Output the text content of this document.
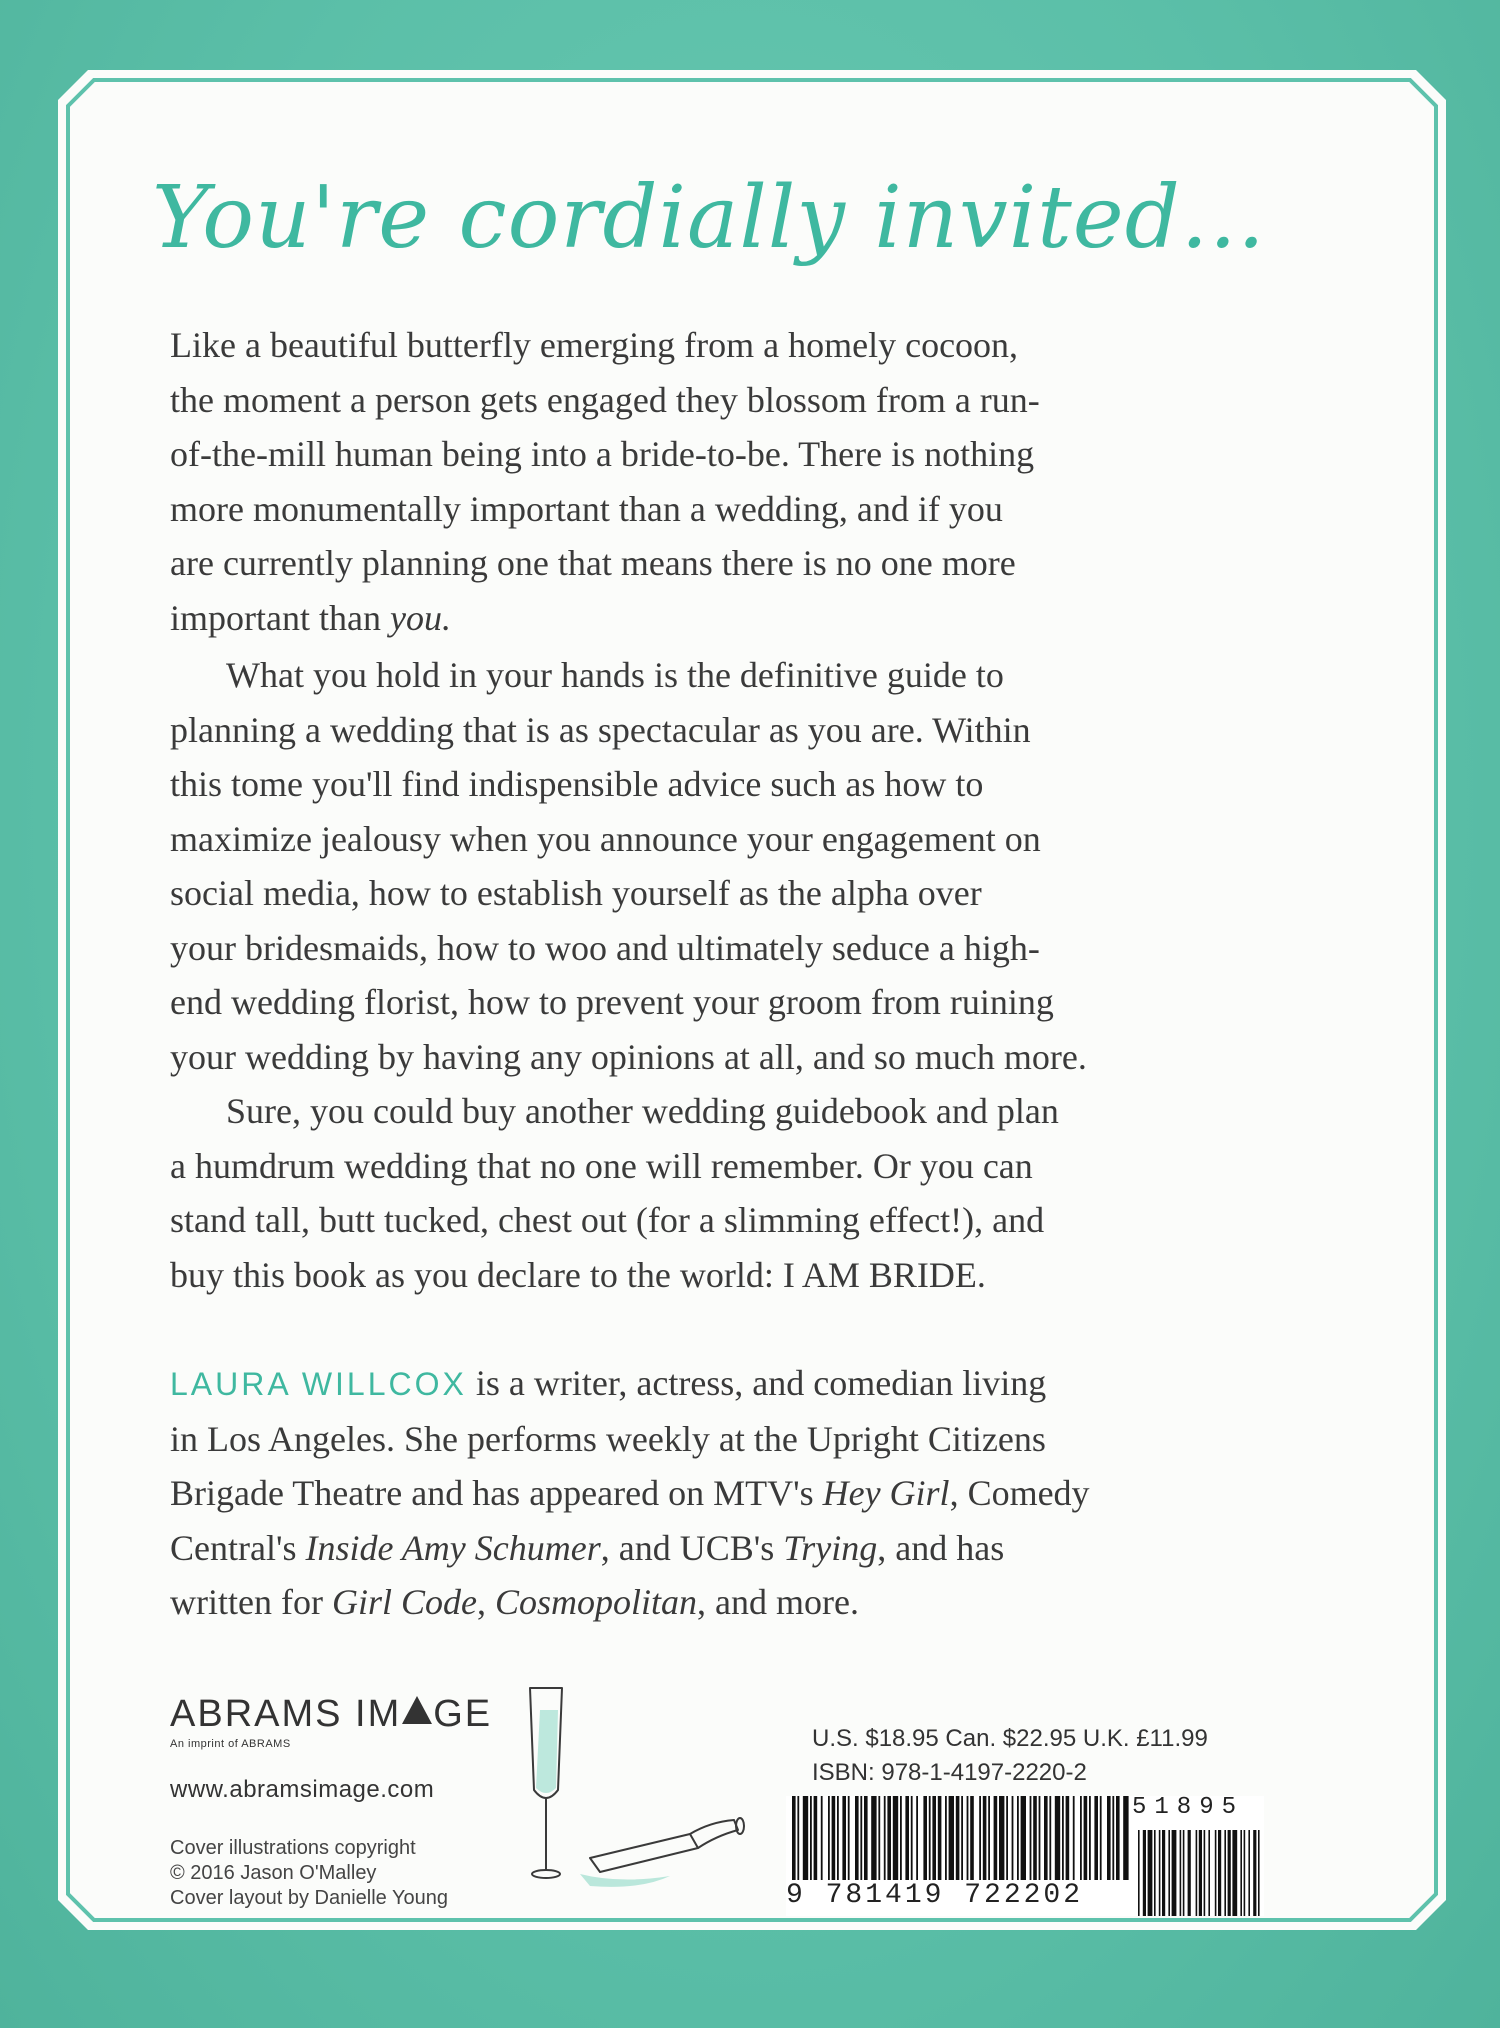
You're cordially invited...
Like a beautiful butterfly emerging from a homely cocoon,
the moment a person gets engaged they blossom from a run-
of-the-mill human being into a bride-to-be. There is nothing
more monumentally important than a wedding, and if you
are currently planning one that means there is no one more
important than you.
What you hold in your hands is the definitive guide to
planning a wedding that is as spectacular as you are. Within
this tome you'll find indispensible advice such as how to
maximize jealousy when you announce your engagement on
social media, how to establish yourself as the alpha over
your bridesmaids, how to woo and ultimately seduce a high-
end wedding florist, how to prevent your groom from ruining
your wedding by having any opinions at all, and so much more.
Sure, you could buy another wedding guidebook and plan
a humdrum wedding that no one will remember. Or you can
stand tall, butt tucked, chest out (for a slimming effect!), and
buy this book as you declare to the world: I AM BRIDE.
LAURA WILLCOX is a writer, actress, and comedian living
in Los Angeles. She performs weekly at the Upright Citizens
Brigade Theatre and has appeared on MTV's Hey Girl, Comedy
Central's Inside Amy Schumer, and UCB's Trying, and has
written for Girl Code, Cosmopolitan, and more.
ABRAMS IM GE
An imprint of ABRAMS
www.abramsimage.com
Cover illustrations copyright
© 2016 Jason O'Malley
Cover layout by Danielle Young
U.S. $18.95 Can. $22.95 U.K. £11.99
ISBN: 978-1-4197-2220-2
51895
9 781419 722202
